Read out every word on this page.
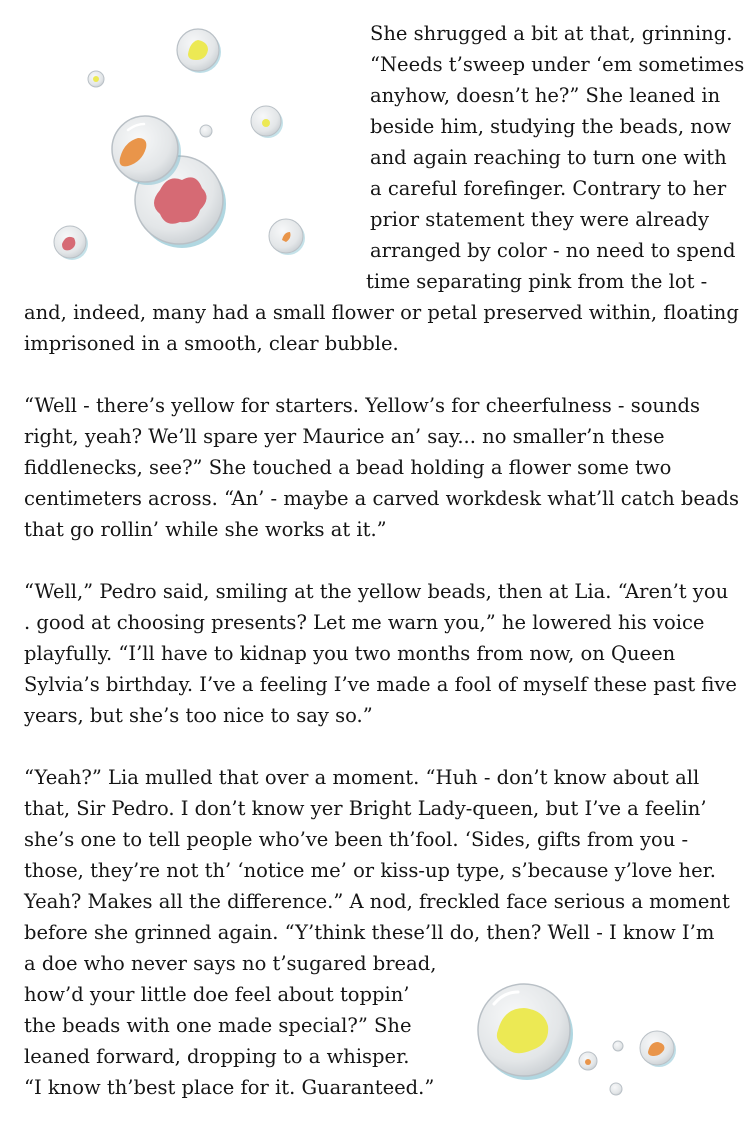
She shrugged a bit at that, grinning.
“Needs t’sweep under ‘em sometimes
anyhow, doesn’t he?” She leaned in
beside him, studying the beads, now
and again reaching to turn one with
a careful forefinger. Contrary to her
prior statement they were already
arranged by color - no need to spend
time separating pink from the lot -
and, indeed, many had a small flower or petal preserved within, floating
imprisoned in a smooth, clear bubble.
“Well - there’s yellow for starters. Yellow’s for cheerfulness - sounds
right, yeah? We’ll spare yer Maurice an’ say... no smaller’n these
fiddlenecks, see?” She touched a bead holding a flower some two
centimeters across. “An’ - maybe a carved workdesk what’ll catch beads
that go rollin’ while she works at it.”
“Well,” Pedro said, smiling at the yellow beads, then at Lia. “Aren’t you
. good at choosing presents? Let me warn you,” he lowered his voice
playfully. “I’ll have to kidnap you two months from now, on Queen
Sylvia’s birthday. I’ve a feeling I’ve made a fool of myself these past five
years, but she’s too nice to say so.”
“Yeah?” Lia mulled that over a moment. “Huh - don’t know about all
that, Sir Pedro. I don’t know yer Bright Lady-queen, but I’ve a feelin’
she’s one to tell people who’ve been th’fool. ‘Sides, gifts from you -
those, they’re not th’ ‘notice me’ or kiss-up type, s’because y’love her.
Yeah? Makes all the difference.” A nod, freckled face serious a moment
before she grinned again. “Y’think these’ll do, then? Well - I know I’m
a doe who never says no t’sugared bread,
how’d your little doe feel about toppin’
the beads with one made special?” She
leaned forward, dropping to a whisper.
“I know th’best place for it. Guaranteed.”
